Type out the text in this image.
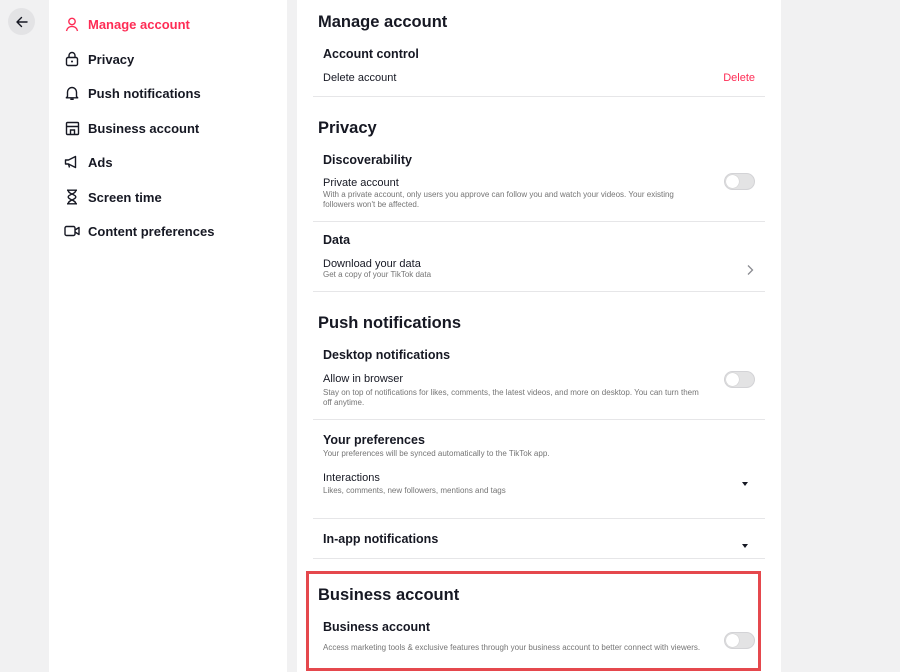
Manage account
Privacy
Push notifications
Business account
Ads
Screen time
Content preferences
Manage account
Account control
Delete account	Delete
Privacy
Discoverability
Private account
With a private account, only users you approve can follow you and watch your videos. Your existing followers won't be affected.
Data
Download your data
Get a copy of your TikTok data
Push notifications
Desktop notifications
Allow in browser
Stay on top of notifications for likes, comments, the latest videos, and more on desktop. You can turn them off anytime.
Your preferences
Your preferences will be synced automatically to the TikTok app.
Interactions
Likes, comments, new followers, mentions and tags
In-app notifications
Business account
Business account
Access marketing tools & exclusive features through your business account to better connect with viewers.
